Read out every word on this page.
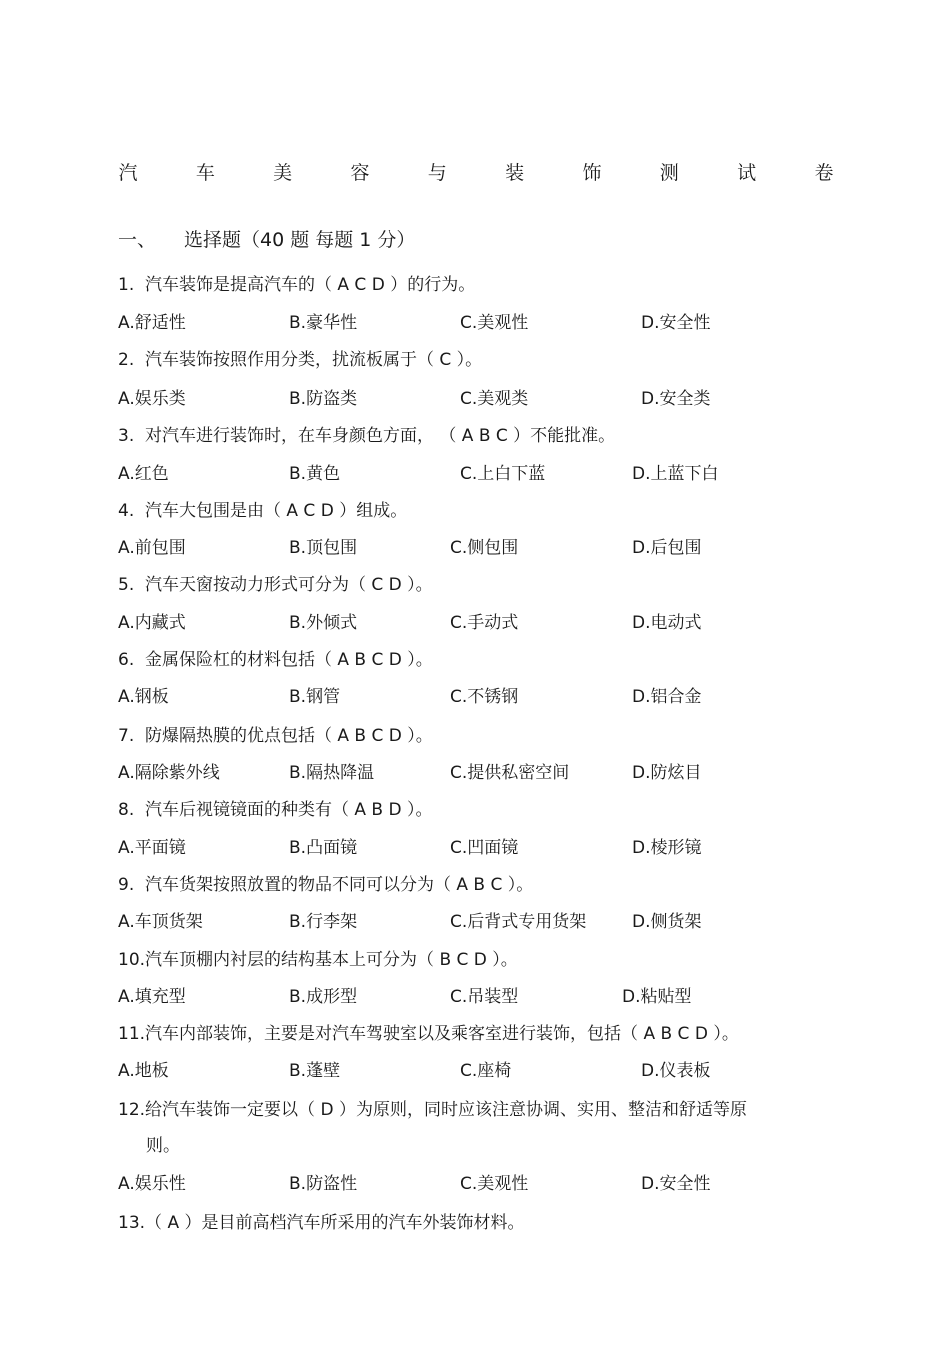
汽	车	美	容	与	装	饰	测	试	卷
一、 选择题（40 题 每题 1 分）
1. 汽车装饰是提高汽车的（ A C D ）的行为。
A.舒适性	B.豪华性	C.美观性	D.安全性
2. 汽车装饰按照作用分类，扰流板属于（ C ）。
A.娱乐类	B.防盗类	C.美观类	D.安全类
3. 对汽车进行装饰时，在车身颜色方面， （ A B C ）不能批准。
A.红色	B.黄色	C.上白下蓝	D.上蓝下白
4. 汽车大包围是由（ A C D ）组成。
A.前包围	B.顶包围	C.侧包围	D.后包围
5. 汽车天窗按动力形式可分为（ C D ）。
A.内藏式	B.外倾式	C.手动式	D.电动式
6. 金属保险杠的材料包括（ A B C D ）。
A.钢板	B.钢管	C.不锈钢	D.铝合金
7. 防爆隔热膜的优点包括（ A B C D ）。
A.隔除紫外线	B.隔热降温	C.提供私密空间	D.防炫目
8. 汽车后视镜镜面的种类有（ A B D ）。
A.平面镜	B.凸面镜	C.凹面镜	D.棱形镜
9. 汽车货架按照放置的物品不同可以分为（ A B C ）。
A.车顶货架	B.行李架	C.后背式专用货架	D.侧货架
10.汽车顶棚内衬层的结构基本上可分为（ B C D ）。
A.填充型	B.成形型	C.吊装型	D.粘贴型
11.汽车内部装饰，主要是对汽车驾驶室以及乘客室进行装饰，包括（ A B C D ）。
A.地板	B.蓬壁	C.座椅	D.仪表板
12.给汽车装饰一定要以（ D ）为原则，同时应该注意协调、实用、整洁和舒适等原
则。
A.娱乐性	B.防盗性	C.美观性	D.安全性
13.（ A ）是目前高档汽车所采用的汽车外装饰材料。
